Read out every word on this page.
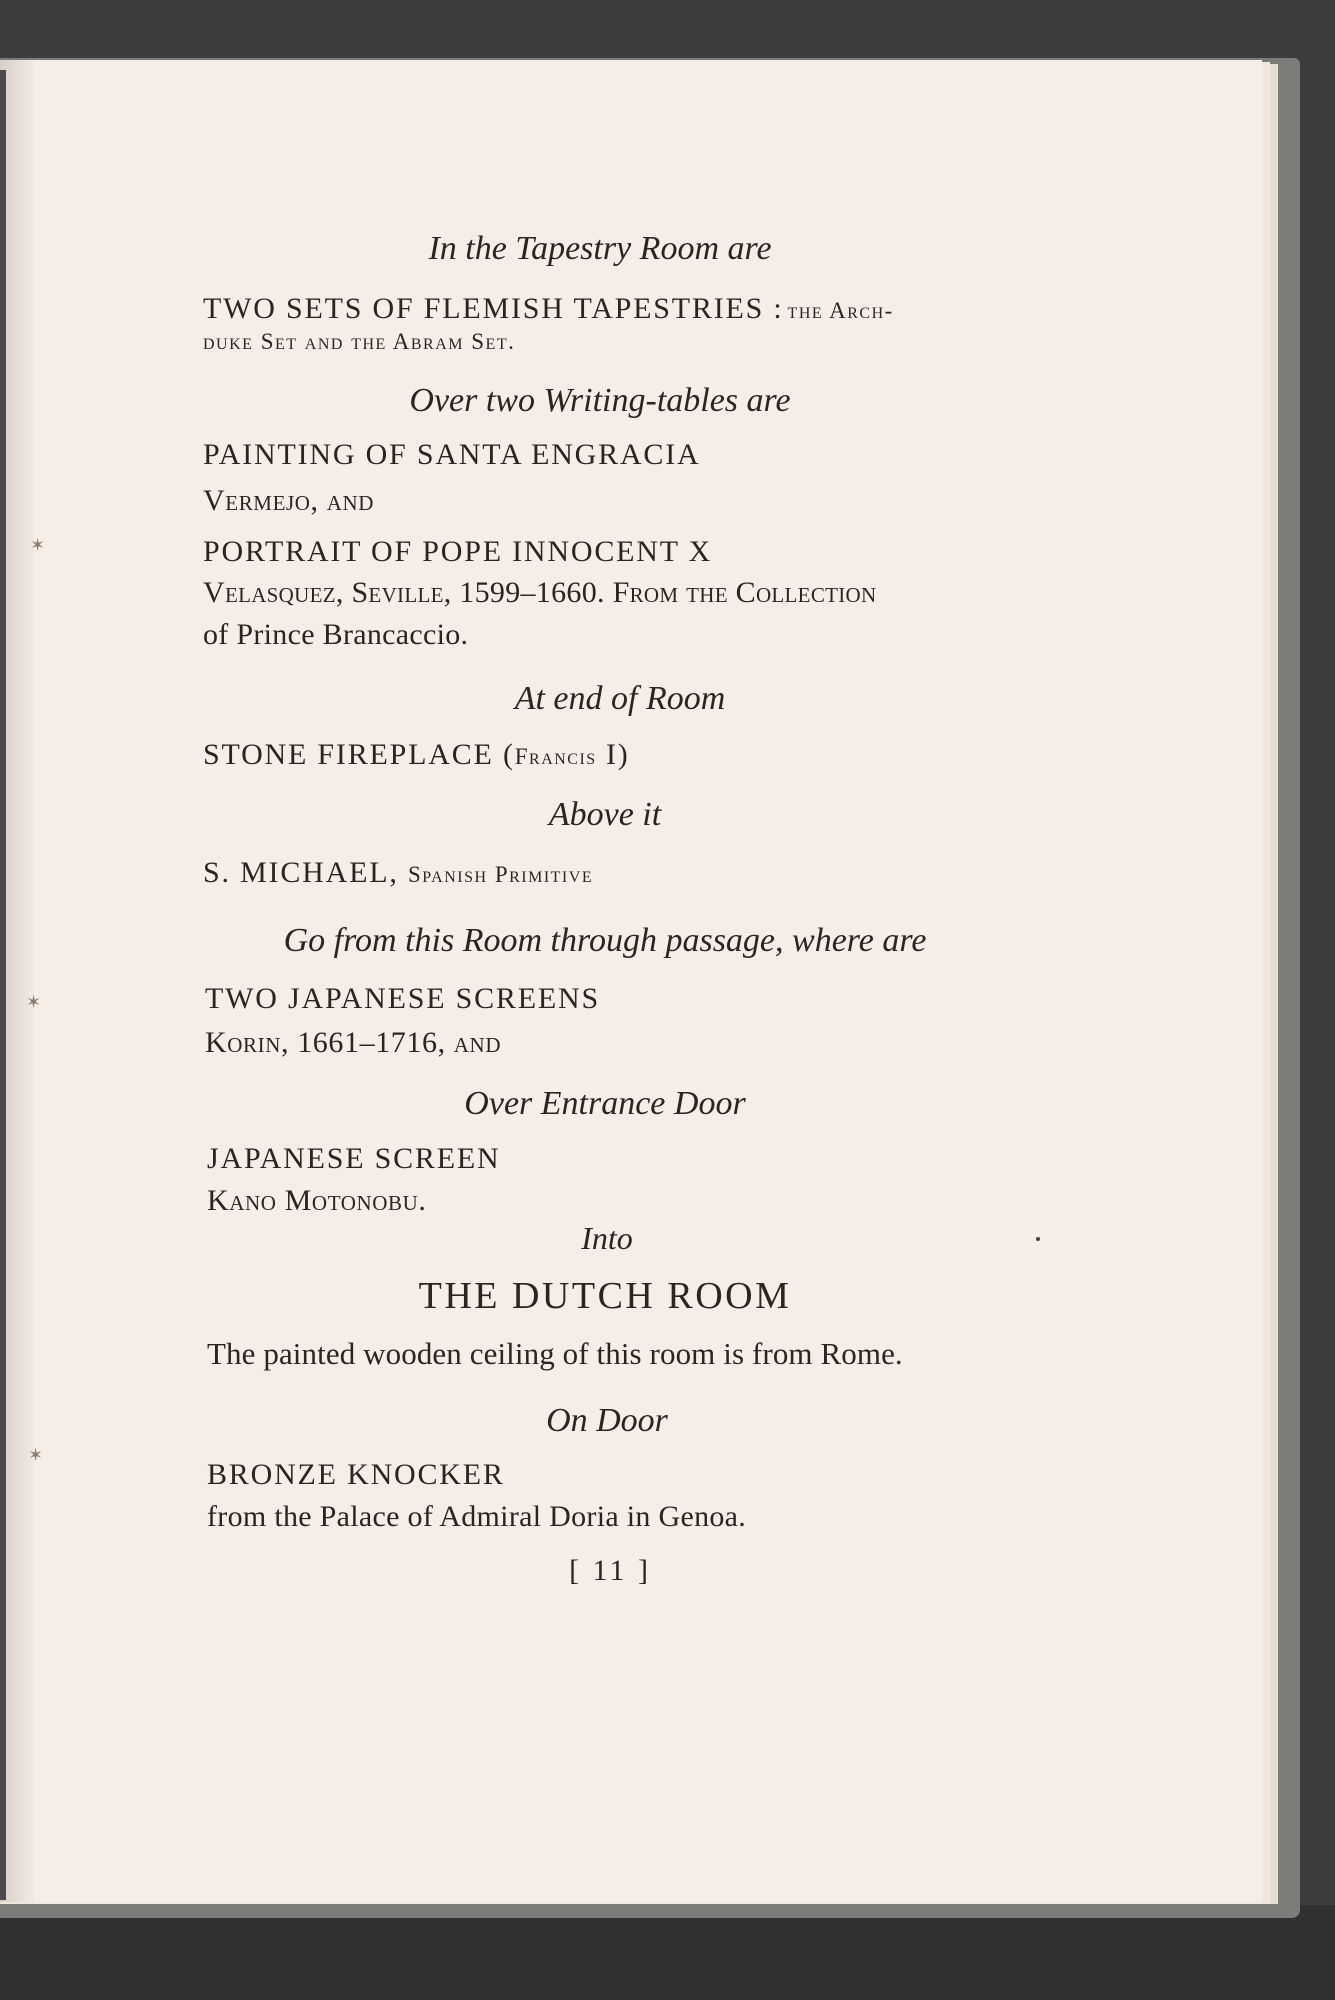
✶
✶
✶
In the Tapestry Room are
TWO SETS OF FLEMISH TAPESTRIES : the Arch-
duke Set and the Abram Set.
Over two Writing-tables are
PAINTING OF SANTA ENGRACIA
Vermejo, and
PORTRAIT OF POPE INNOCENT X
Velasquez, Seville, 1599–1660. From the Collection
of Prince Brancaccio.
At end of Room
STONE FIREPLACE (Francis I)
Above it
S. MICHAEL, Spanish Primitive
Go from this Room through passage, where are
TWO JAPANESE SCREENS
Korin, 1661–1716, and
Over Entrance Door
JAPANESE SCREEN
Kano Motonobu.
Into
THE DUTCH ROOM
The painted wooden ceiling of this room is from Rome.
On Door
BRONZE KNOCKER
from the Palace of Admiral Doria in Genoa.
[ 11 ]
